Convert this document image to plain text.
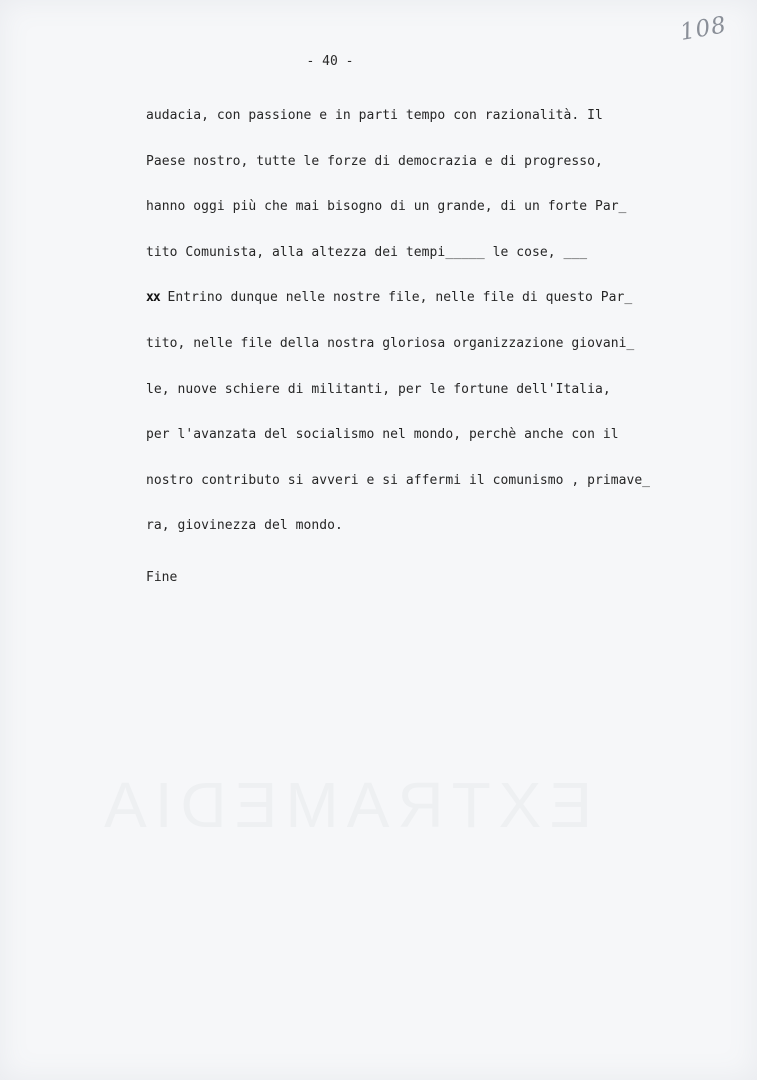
108
- 40 -
audacia, con passione e in parti tempo con razionalità. Il
Paese nostro, tutte le forze di democrazia e di progresso,
hanno oggi più che mai bisogno di un grande, di un forte Par̲
tito Comunista, alla altezza dei tempi_____ le cose, ___
xx Entrino dunque nelle nostre file, nelle file di questo Par̲
tito, nelle file della nostra gloriosa organizzazione giovani̲
le, nuove schiere di militanti, per le fortune dell'Italia,
per l'avanzata del socialismo nel mondo, perchè anche con il
nostro contributo si avveri e si affermi il comunismo , primave̲
ra, giovinezza del mondo.
Fine
EXTRAMEDIA
